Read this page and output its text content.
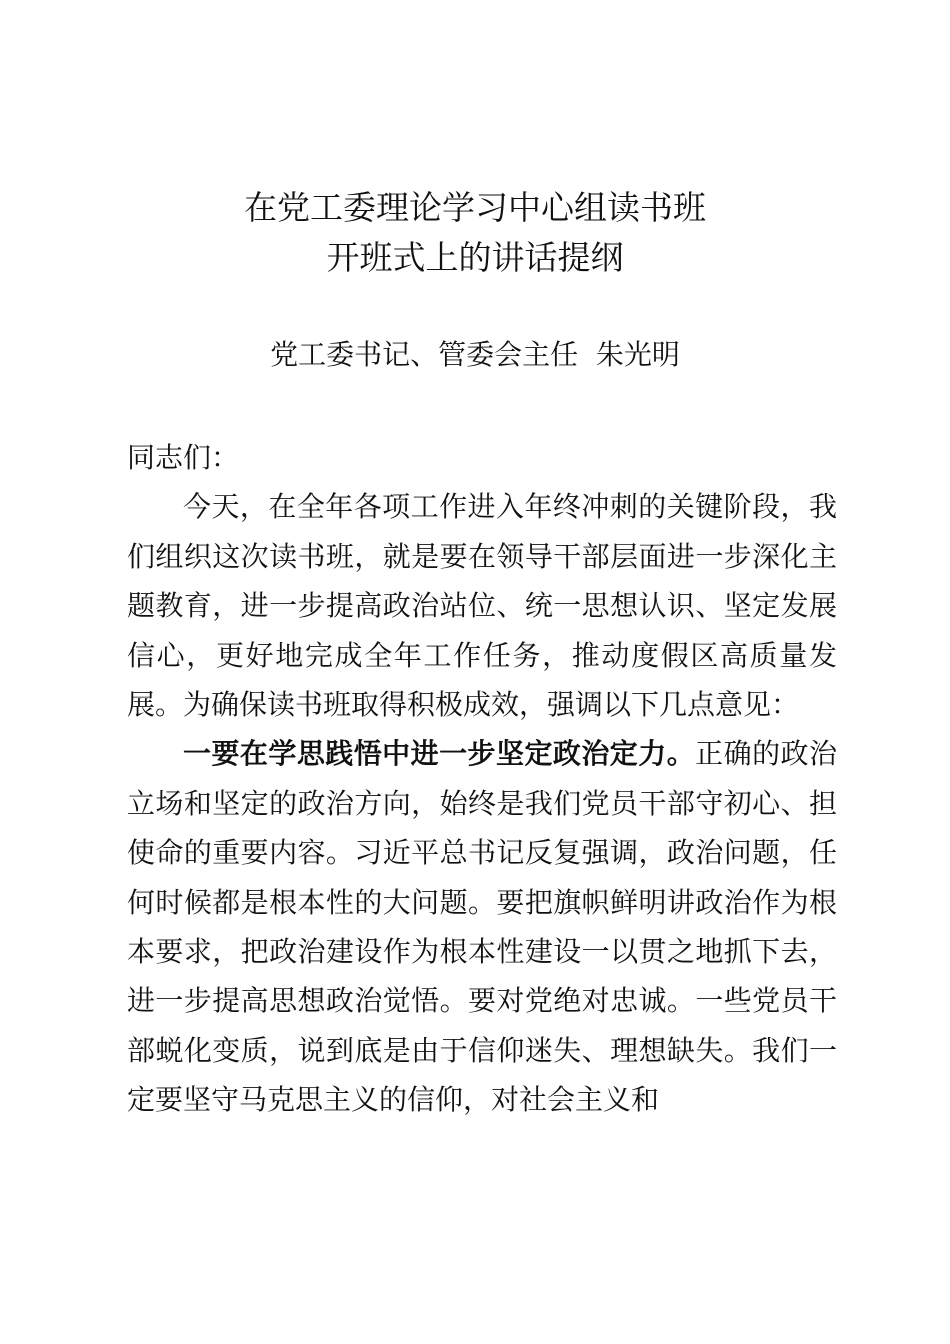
在党工委理论学习中心组读书班
开班式上的讲话提纲

党工委书记、管委会主任  朱光明

同志们：

今天，在全年各项工作进入年终冲刺的关键阶段，我们组织这次读书班，就是要在领导干部层面进一步深化主题教育，进一步提高政治站位、统一思想认识、坚定发展信心，更好地完成全年工作任务，推动度假区高质量发展。为确保读书班取得积极成效，强调以下几点意见：

一要在学思践悟中进一步坚定政治定力。正确的政治立场和坚定的政治方向，始终是我们党员干部守初心、担使命的重要内容。习近平总书记反复强调，政治问题，任何时候都是根本性的大问题。要把旗帜鲜明讲政治作为根本要求，把政治建设作为根本性建设一以贯之地抓下去，进一步提高思想政治觉悟。要对党绝对忠诚。一些党员干部蜕化变质，说到底是由于信仰迷失、理想缺失。我们一定要坚守马克思主义的信仰，对社会主义和
